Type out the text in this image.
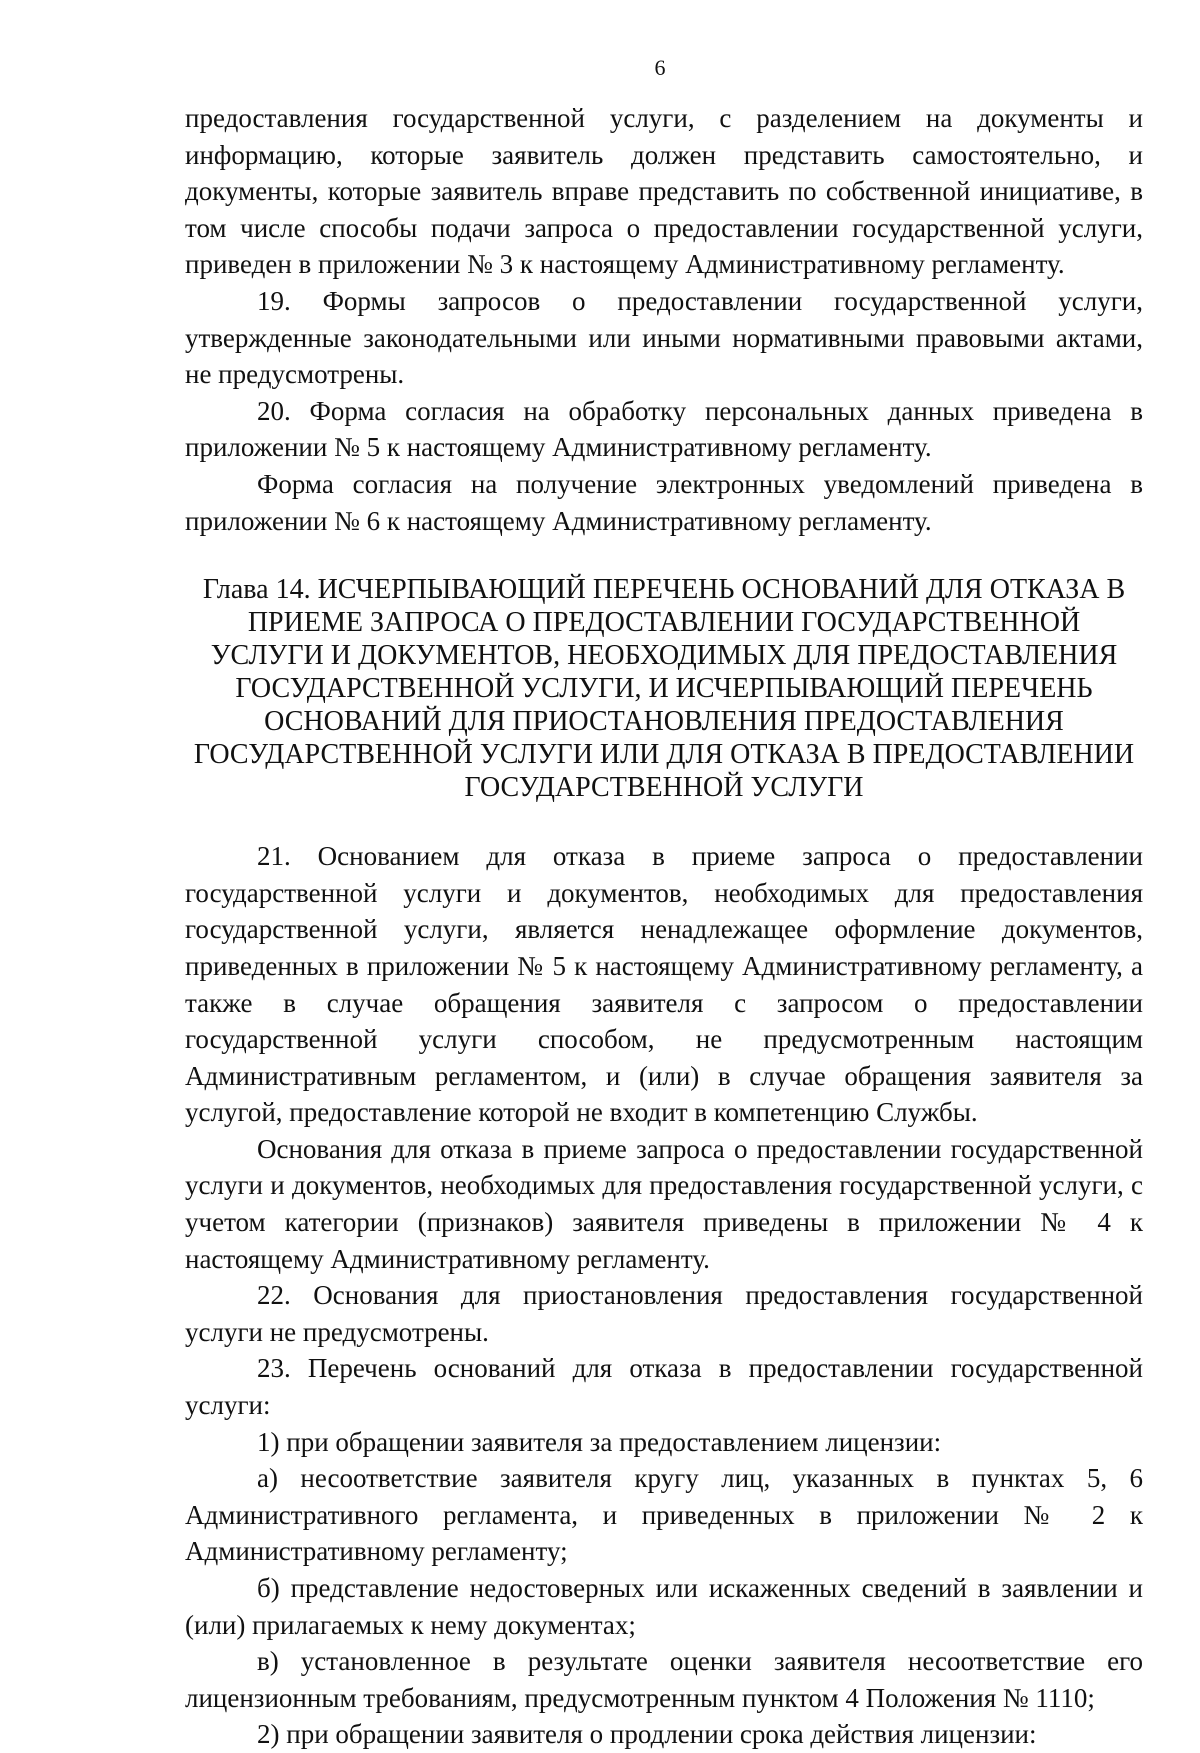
6

предоставления государственной услуги, с разделением на документы и информацию, которые заявитель должен представить самостоятельно, и документы, которые заявитель вправе представить по собственной инициативе, в том числе способы подачи запроса о предоставлении государственной услуги, приведен в приложении № 3 к настоящему Административному регламенту.

19. Формы запросов о предоставлении государственной услуги, утвержденные законодательными или иными нормативными правовыми актами, не предусмотрены.

20. Форма согласия на обработку персональных данных приведена в приложении № 5 к настоящему Административному регламенту.

Форма согласия на получение электронных уведомлений приведена в приложении № 6 к настоящему Административному регламенту.

Глава 14. ИСЧЕРПЫВАЮЩИЙ ПЕРЕЧЕНЬ ОСНОВАНИЙ ДЛЯ ОТКАЗА В ПРИЕМЕ ЗАПРОСА О ПРЕДОСТАВЛЕНИИ ГОСУДАРСТВЕННОЙ УСЛУГИ И ДОКУМЕНТОВ, НЕОБХОДИМЫХ ДЛЯ ПРЕДОСТАВЛЕНИЯ ГОСУДАРСТВЕННОЙ УСЛУГИ, И ИСЧЕРПЫВАЮЩИЙ ПЕРЕЧЕНЬ ОСНОВАНИЙ ДЛЯ ПРИОСТАНОВЛЕНИЯ ПРЕДОСТАВЛЕНИЯ ГОСУДАРСТВЕННОЙ УСЛУГИ ИЛИ ДЛЯ ОТКАЗА В ПРЕДОСТАВЛЕНИИ ГОСУДАРСТВЕННОЙ УСЛУГИ

21. Основанием для отказа в приеме запроса о предоставлении государственной услуги и документов, необходимых для предоставления государственной услуги, является ненадлежащее оформление документов, приведенных в приложении № 5 к настоящему Административному регламенту, а также в случае обращения заявителя с запросом о предоставлении государственной услуги способом, не предусмотренным настоящим Административным регламентом, и (или) в случае обращения заявителя за услугой, предоставление которой не входит в компетенцию Службы.

Основания для отказа в приеме запроса о предоставлении государственной услуги и документов, необходимых для предоставления государственной услуги, с учетом категории (признаков) заявителя приведены в приложении № 4 к настоящему Административному регламенту.

22. Основания для приостановления предоставления государственной услуги не предусмотрены.

23. Перечень оснований для отказа в предоставлении государственной услуги:

1) при обращении заявителя за предоставлением лицензии:

а) несоответствие заявителя кругу лиц, указанных в пунктах 5, 6 Административного регламента, и приведенных в приложении № 2 к Административному регламенту;

б) представление недостоверных или искаженных сведений в заявлении и (или) прилагаемых к нему документах;

в) установленное в результате оценки заявителя несоответствие его лицензионным требованиям, предусмотренным пунктом 4 Положения № 1110;

2) при обращении заявителя о продлении срока действия лицензии:
